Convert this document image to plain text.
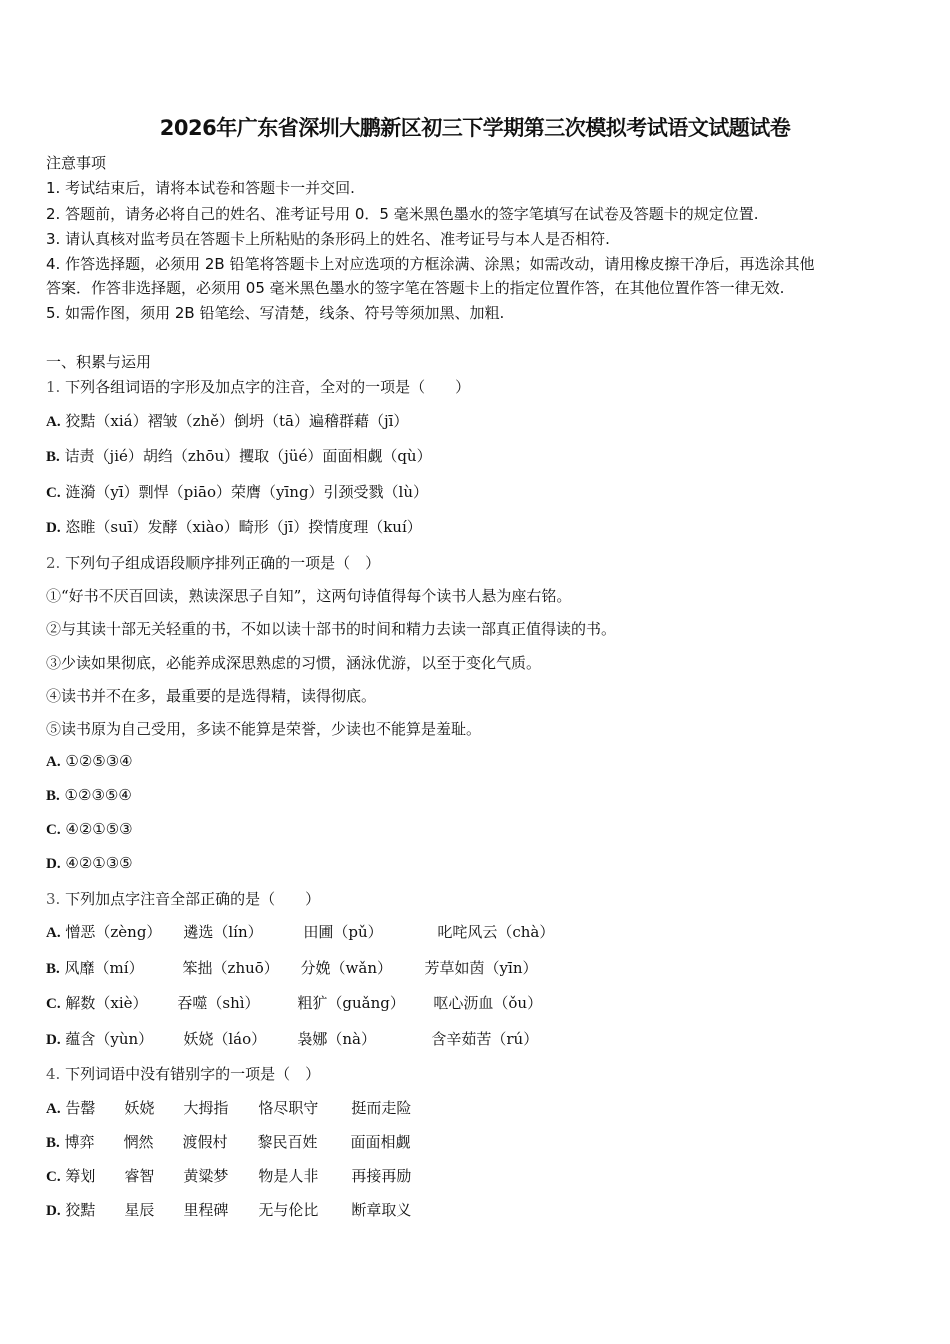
2026年广东省深圳大鹏新区初三下学期第三次模拟考试语文试题试卷
注意事项
1. 考试结束后，请将本试卷和答题卡一并交回.
2. 答题前，请务必将自己的姓名、准考证号用 0．5 毫米黑色墨水的签字笔填写在试卷及答题卡的规定位置.
3. 请认真核对监考员在答题卡上所粘贴的条形码上的姓名、准考证号与本人是否相符.
4. 作答选择题，必须用 2B 铅笔将答题卡上对应选项的方框涂满、涂黑；如需改动，请用橡皮擦干净后，再选涂其他
答案．作答非选择题，必须用 05 毫米黑色墨水的签字笔在答题卡上的指定位置作答，在其他位置作答一律无效.
5. 如需作图，须用 2B 铅笔绘、写清楚，线条、符号等须加黑、加粗.
一、积累与运用
1. 下列各组词语的字形及加点字的注音，全对的一项是（　　）
A. 狡黠（xiá）褶皱（zhě）倒坍（tā）遍稽群藉（jī）
B. 诘责（jié）胡绉（zhōu）攫取（jüé）面面相觑（qù）
C. 涟漪（yī）剽悍（piāo）荣膺（yīng）引颈受戮（lù）
D. 恣睢（suī）发酵（xiào）畸形（jī）揆情度理（kuí）
2. 下列句子组成语段顺序排列正确的一项是（　）
①“好书不厌百回读，熟读深思子自知”，这两句诗值得每个读书人悬为座右铭。
②与其读十部无关轻重的书，不如以读十部书的时间和精力去读一部真正值得读的书。
③少读如果彻底，必能养成深思熟虑的习惯，涵泳优游，以至于变化气质。
④读书并不在多，最重要的是选得精，读得彻底。
⑤读书原为自己受用，多读不能算是荣誉，少读也不能算是羞耻。
A. ①②⑤③④
B. ①②③⑤④
C. ④②①⑤③
D. ④②①③⑤
3. 下列加点字注音全部正确的是（　　）
A. 憎恶（zèng） 遴选（lín）	田圃（pǔ）	叱咤风云（chà）
B. 风靡（mí）	笨拙（zhuō） 分娩（wǎn） 芳草如茵（yīn）
C. 解数（xiè） 吞噬（shì）	粗犷（guǎng） 呕心沥血（ǒu）
D. 蕴含（yùn） 妖娆（láo） 袅娜（nà）	含辛茹苦（rú）
4. 下列词语中没有错别字的一项是（　）
A. 告罄 妖娆 大拇指 恪尽职守 挺而走险
B. 博弈 惘然 渡假村 黎民百姓 面面相觑
C. 筹划 睿智 黄粱梦 物是人非 再接再励
D. 狡黠 星辰 里程碑 无与伦比 断章取义
